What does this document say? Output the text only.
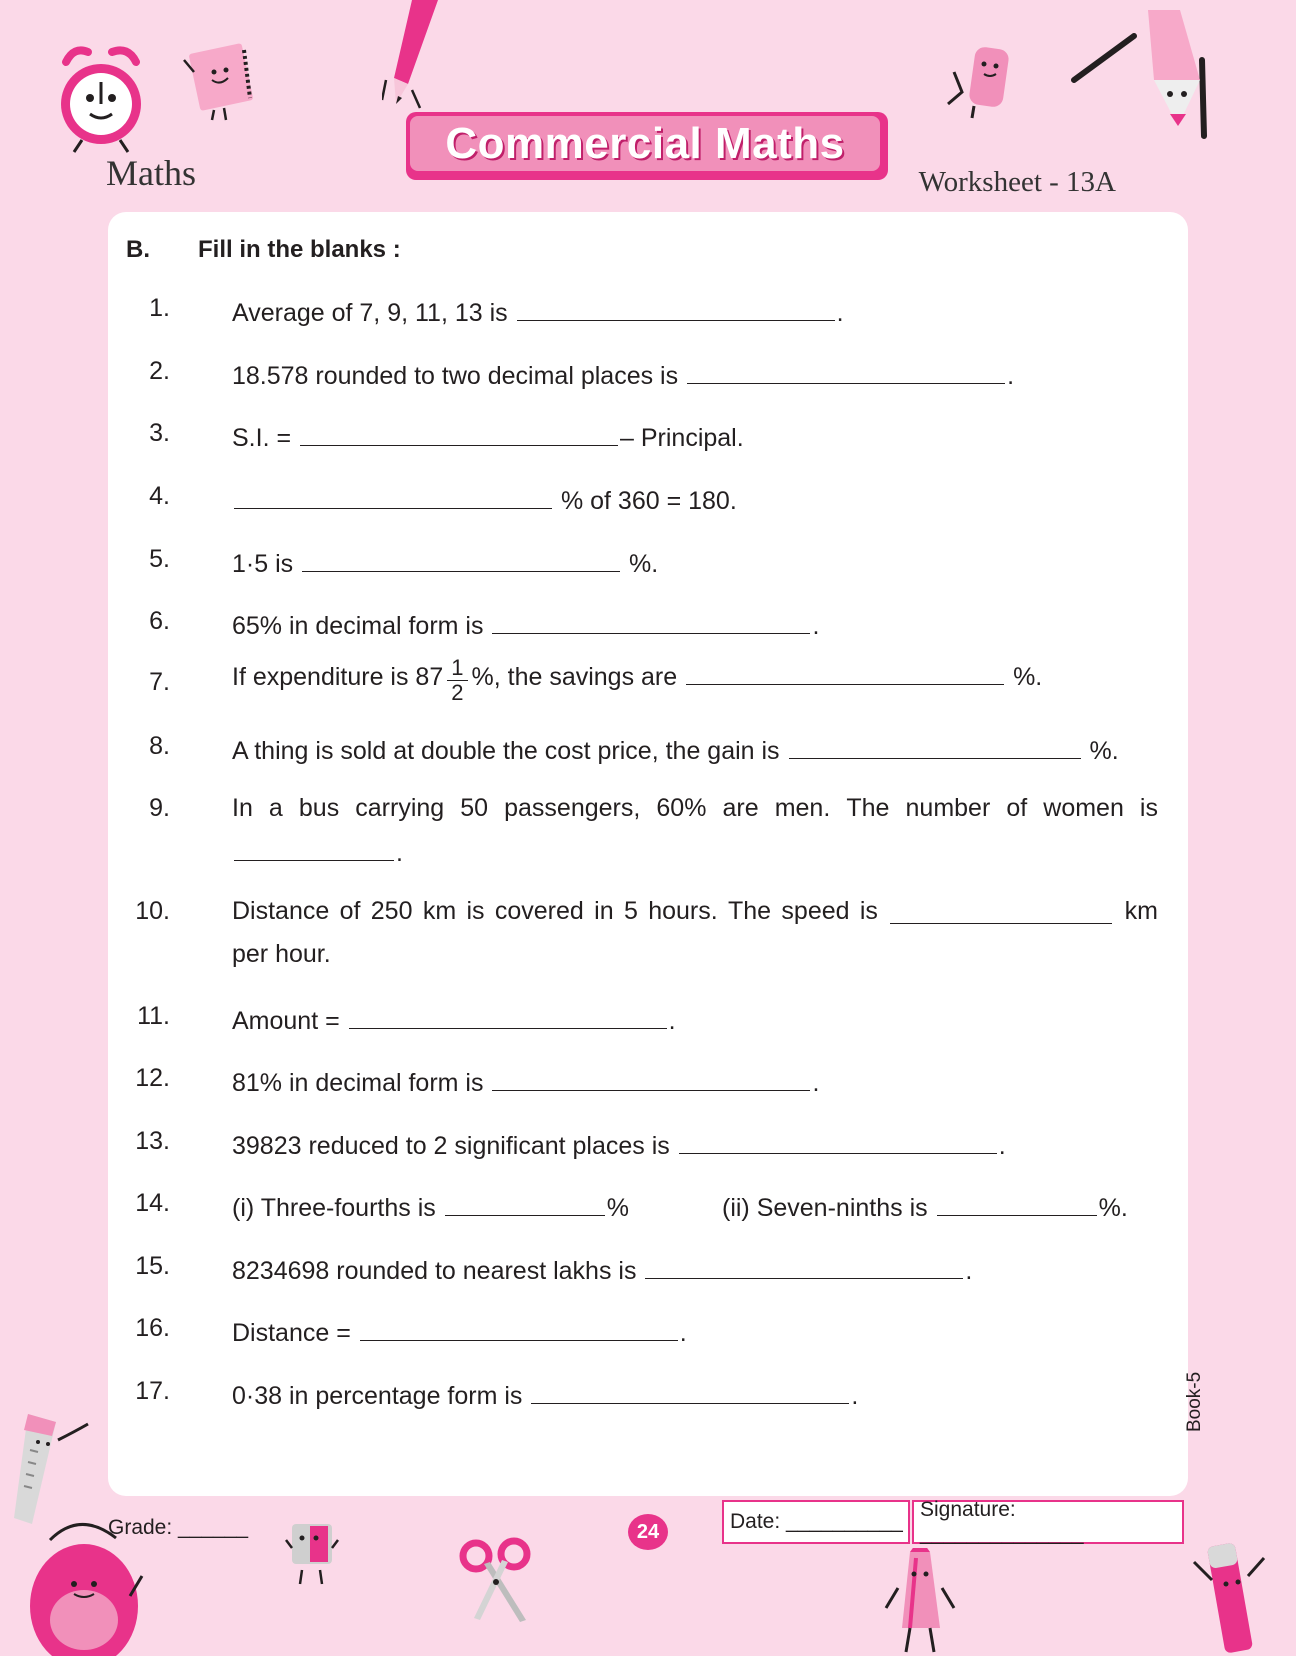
Maths
Commercial Maths
Worksheet - 13A
B. Fill in the blanks :
1. Average of 7, 9, 11, 13 is	.
2. 18.578 rounded to two decimal places is	.
3. S.I. =	– Principal.
4.	% of 360 = 180.
5. 1·5 is	%.
6. 65% in decimal form is	.
7. If expenditure is $87 \frac{1}{2}$ %, the savings are	%.
8. A thing is sold at double the cost price, the gain is	%.
9. In a bus carrying 50 passengers, 60% are men. The number of women is
.
10. Distance of 250 km is covered in 5 hours. The speed is	km
per hour.
11. Amount =	.
12. 81% in decimal form is	.
13. 39823 reduced to 2 significant places is	.
14. (i) Three-fourths is	%	(ii) Seven-ninths is	%.
15. 8234698 rounded to nearest lakhs is	.
16. Distance =	.
17. 0·38 in percentage form is	.	Book-5
Grade: ______	24	Date: __________
Signature: ______________
